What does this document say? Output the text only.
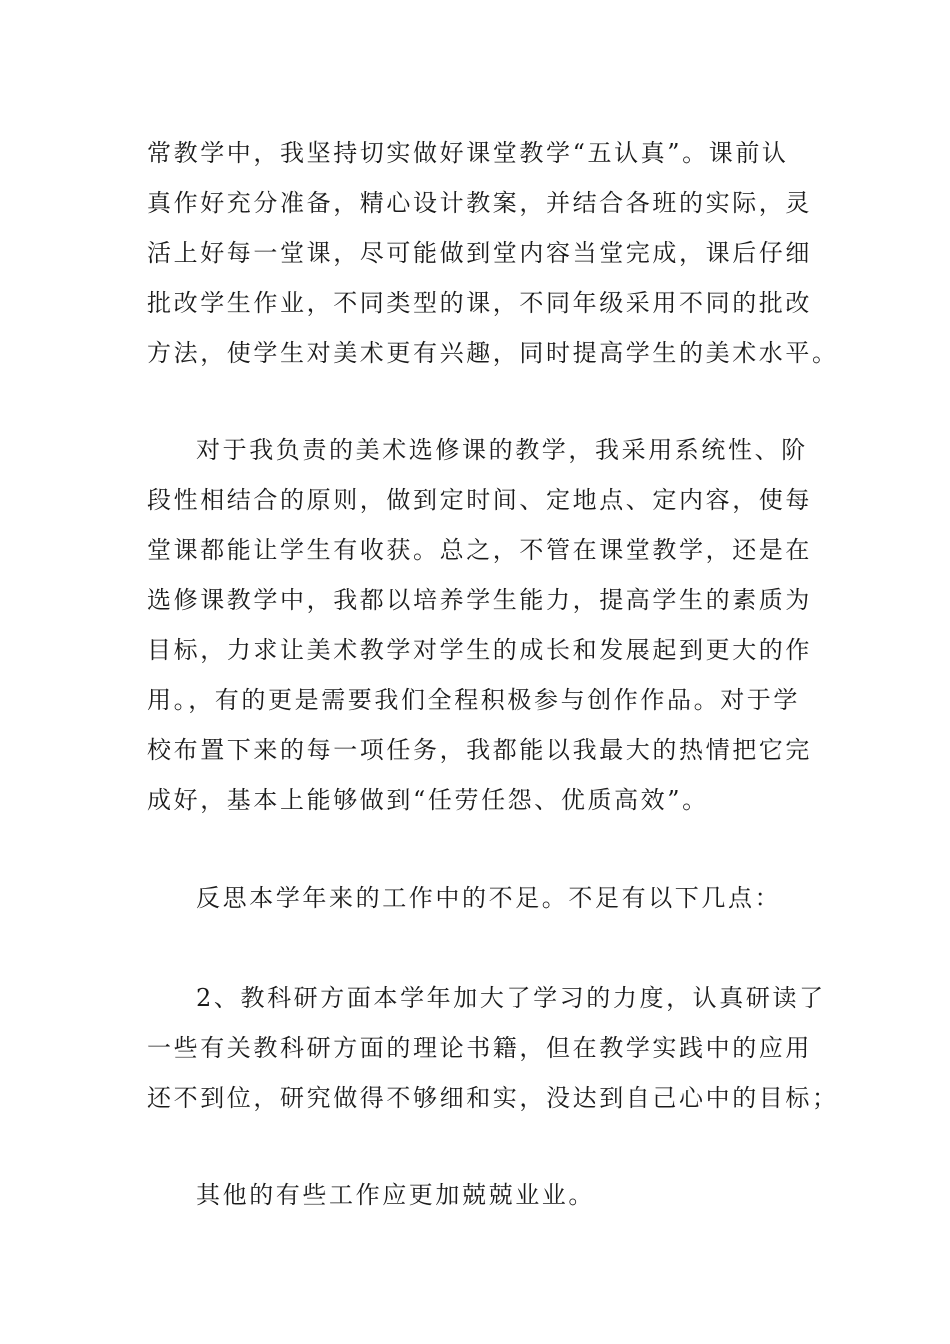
常教学中，我坚持切实做好课堂教学“五认真”。课前认
真作好充分准备，精心设计教案，并结合各班的实际，灵
活上好每一堂课，尽可能做到堂内容当堂完成，课后仔细
批改学生作业，不同类型的课，不同年级采用不同的批改
方法，使学生对美术更有兴趣，同时提高学生的美术水平。
对于我负责的美术选修课的教学，我采用系统性、阶
段性相结合的原则，做到定时间、定地点、定内容，使每
堂课都能让学生有收获。总之，不管在课堂教学，还是在
选修课教学中，我都以培养学生能力，提高学生的素质为
目标，力求让美术教学对学生的成长和发展起到更大的作
用。，有的更是需要我们全程积极参与创作作品。对于学
校布置下来的每一项任务，我都能以我最大的热情把它完
成好，基本上能够做到“任劳任怨、优质高效”。
反思本学年来的工作中的不足。不足有以下几点：
2、教科研方面本学年加大了学习的力度，认真研读了
一些有关教科研方面的理论书籍，但在教学实践中的应用
还不到位，研究做得不够细和实，没达到自己心中的目标；
其他的有些工作应更加兢兢业业。
